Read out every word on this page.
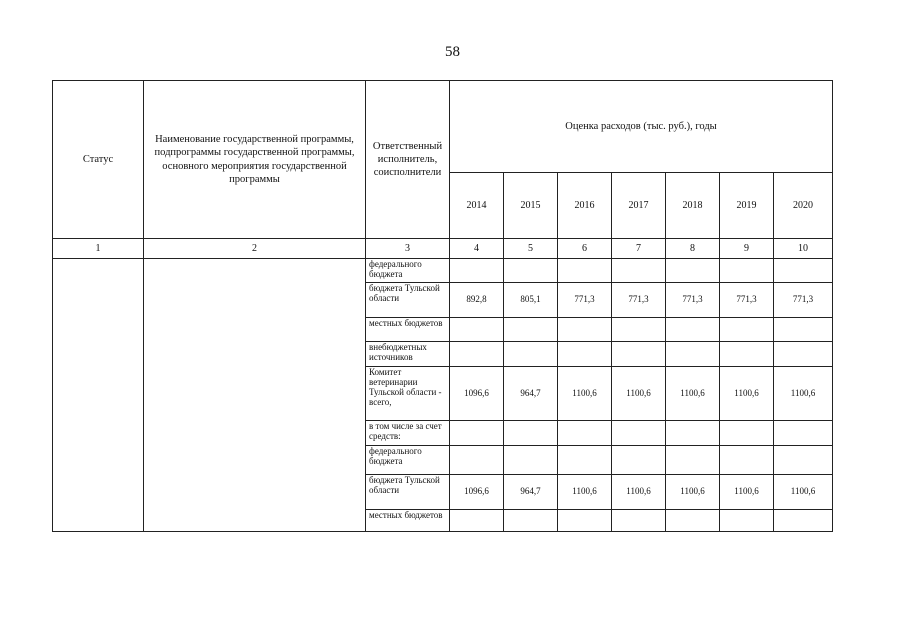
58
Статус	Наименование государственной программы, подпрограммы государственной программы, основного мероприятия государственной программы	Ответственный исполнитель, соисполнители	Оценка расходов (тыс. руб.), годы						
			2014	2015	2016	2017	2018	2019	2020
1	2	3	4	5	6	7	8	9	10
		федерального бюджета							
		бюджета Тульской области	892,8	805,1	771,3	771,3	771,3	771,3	771,3
		местных бюджетов							
		внебюджетных источников							
		Комитет ветеринарии Тульской области - всего,	1096,6	964,7	1100,6	1100,6	1100,6	1100,6	1100,6
		в том числе за счет средств:							
		федерального бюджета							
		бюджета Тульской области	1096,6	964,7	1100,6	1100,6	1100,6	1100,6	1100,6
		местных бюджетов							
